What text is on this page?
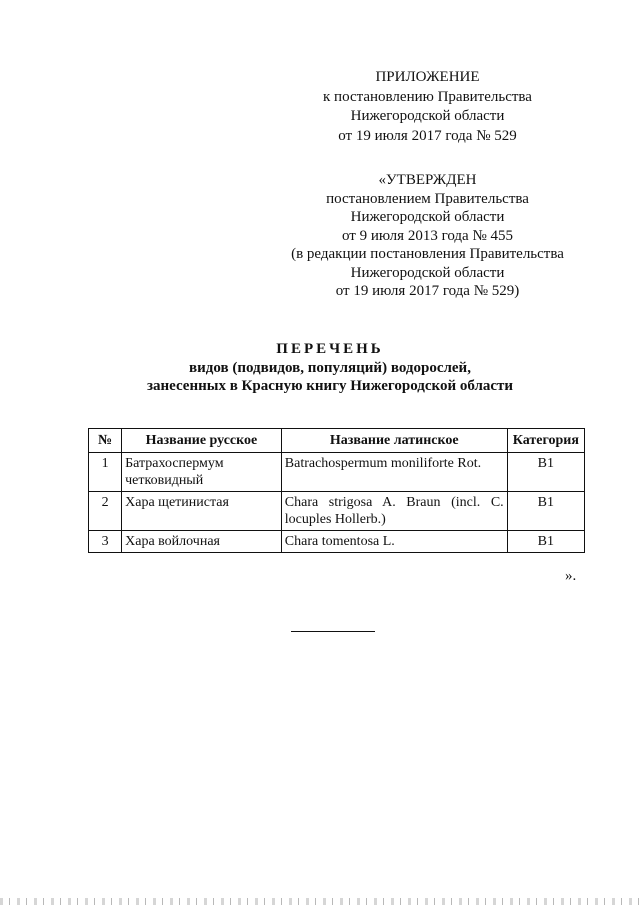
ПРИЛОЖЕНИЕ
к постановлению Правительства
Нижегородской области
от 19 июля 2017 года № 529
«УТВЕРЖДЕН
постановлением Правительства
Нижегородской области
от 9 июля 2013 года № 455
(в редакции постановления Правительства
Нижегородской области
от 19 июля 2017 года № 529)
ПЕРЕЧЕНЬ
видов (подвидов, популяций) водорослей,
занесенных в Красную книгу Нижегородской области
№	Название русское	Название латинское	Категория
1	Батрахоспермум четковидный	Batrachospermum moniliforte Rot.	B1
2	Хара щетинистая	Chara strigosa A. Braun (incl. C. locuples Hollerb.)	B1
3	Хара войлочная	Chara tomentosa L.	B1
».
